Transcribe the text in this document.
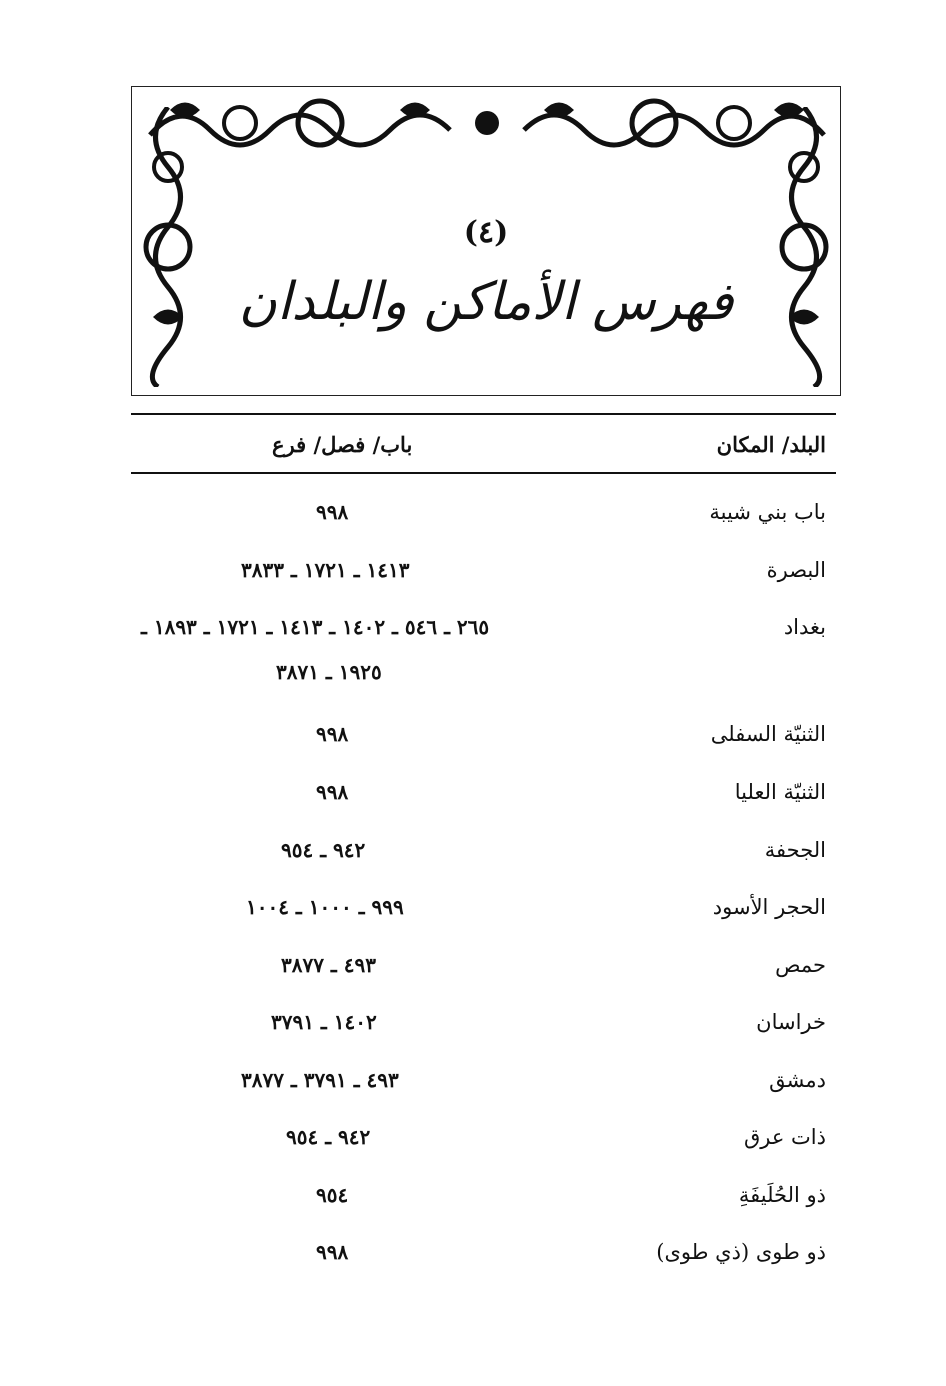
(٤)
فهرس الأماكن والبلدان
البلد/ المكان
باب/ فصل/ فرع
باب بني شيبة
٩٩٨
البصرة
١٤١٣ ـ ١٧٢١ ـ ٣٨٣٣
بغداد
٢٦٥ ـ ٥٤٦ ـ ١٤٠٢ ـ ١٤١٣ ـ ١٧٢١ ـ ١٨٩٣ ـ
١٩٢٥ ـ ٣٨٧١
الثنيّة السفلى
٩٩٨
الثنيّة العليا
٩٩٨
الجحفة
٩٤٢ ـ ٩٥٤
الحجر الأسود
٩٩٩ ـ ١٠٠٠ ـ ١٠٠٤
حمص
٤٩٣ ـ ٣٨٧٧
خراسان
١٤٠٢ ـ ٣٧٩١
دمشق
٤٩٣ ـ ٣٧٩١ ـ ٣٨٧٧
ذات عرق
٩٤٢ ـ ٩٥٤
ذو الحُلَيفَةِ
٩٥٤
ذو طوى (ذي طوى)
٩٩٨
